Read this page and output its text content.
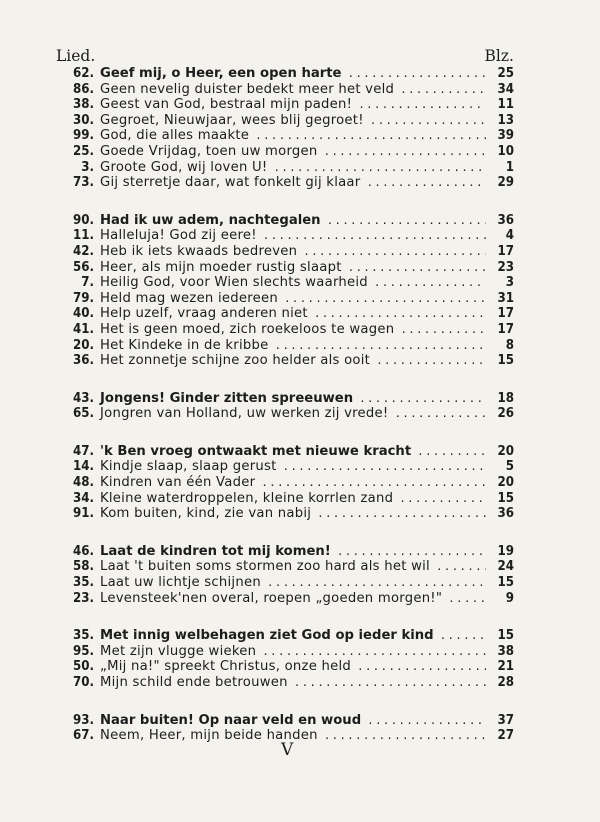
Lied.	Blz.
62. Geef mij, o Heer, een open harte .....	25
86. Geen nevelig duister bedekt meer het veld .....	34
38. Geest van God, bestraal mijn paden! .....	11
30. Gegroet, Nieuwjaar, wees blij gegroet! .....	13
99. God, die alles maakte .....	39
25. Goede Vrijdag, toen uw morgen .....	10
3. Groote God, wij loven U! .....	1
73. Gij sterretje daar, wat fonkelt gij klaar .....	29
90. Had ik uw adem, nachtegalen .....	36
11. Halleluja! God zij eere! .....	4
42. Heb ik iets kwaads bedreven .....	17
56. Heer, als mijn moeder rustig slaapt .....	23
7. Heilig God, voor Wien slechts waarheid .....	3
79. Held mag wezen iedereen .....	31
40. Help uzelf, vraag anderen niet .....	17
41. Het is geen moed, zich roekeloos te wagen .....	17
20. Het Kindeke in de kribbe .....	8
36. Het zonnetje schijne zoo helder als ooit .....	15
43. Jongens! Ginder zitten spreeuwen .....	18
65. Jongren van Holland, uw werken zij vrede! .....	26
47. 'k Ben vroeg ontwaakt met nieuwe kracht .....	20
14. Kindje slaap, slaap gerust .....	5
48. Kindren van één Vader .....	20
34. Kleine waterdroppelen, kleine korrlen zand .....	15
91. Kom buiten, kind, zie van nabij .....	36
46. Laat de kindren tot mij komen! .....	19
58. Laat 't buiten soms stormen zoo hard als het wil .....	24
35. Laat uw lichtje schijnen .....	15
23. Levensteek'nen overal, roepen „goeden morgen!" .....	9
35. Met innig welbehagen ziet God op ieder kind .....	15
95. Met zijn vlugge wieken .....	38
50. „Mij na!" spreekt Christus, onze held .....	21
70. Mijn schild ende betrouwen .....	28
93. Naar buiten! Op naar veld en woud .....	37
67. Neem, Heer, mijn beide handen .....	27
V
